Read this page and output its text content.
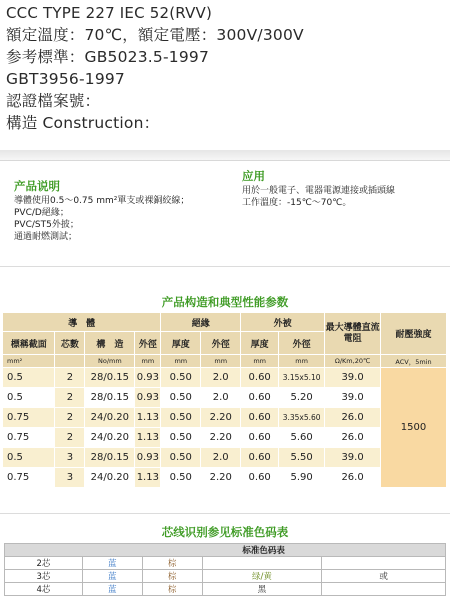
CCC TYPE 227 IEC 52(RVV)
額定溫度：70℃，額定電壓：300V/300V
参考標準：GB5023.5-1997
GBT3956-1997
認證檔案號：
構造 Construction：
产品说明
導體使用0.5～0.75 mm²單支或裸銅絞線；
PVC/D絕緣；
PVC/ST5外披；
通過耐燃測試；
应用
用於一般電子、電器電源連接或插頭線
工作溫度：-15℃～70℃。
产品构造和典型性能参数
導　體				絕緣		外被		最大導體直流電阻	耐壓強度
標稱截面	芯數	構　造	外徑	厚度	外徑	厚度	外徑		
mm²		No/mm	mm	mm	mm	mm	mm	Ω/Km,20℃	ACV，5min
0.5	2	28/0.15	0.93	0.50	2.0	0.60	3.15x5.10	39.0	1500
0.5	2	28/0.15	0.93	0.50	2.0	0.60	5.20	39.0	
0.75	2	24/0.20	1.13	0.50	2.20	0.60	3.35x5.60	26.0	
0.75	2	24/0.20	1.13	0.50	2.20	0.60	5.60	26.0	
0.5	3	28/0.15	0.93	0.50	2.0	0.60	5.50	39.0	
0.75	3	24/0.20	1.13	0.50	2.20	0.60	5.90	26.0	
芯线识别参见标准色码表
	标准色码表			
2芯	蓝	棕		
3芯	蓝	棕	绿/黄	或
4芯	蓝	棕	黑	
